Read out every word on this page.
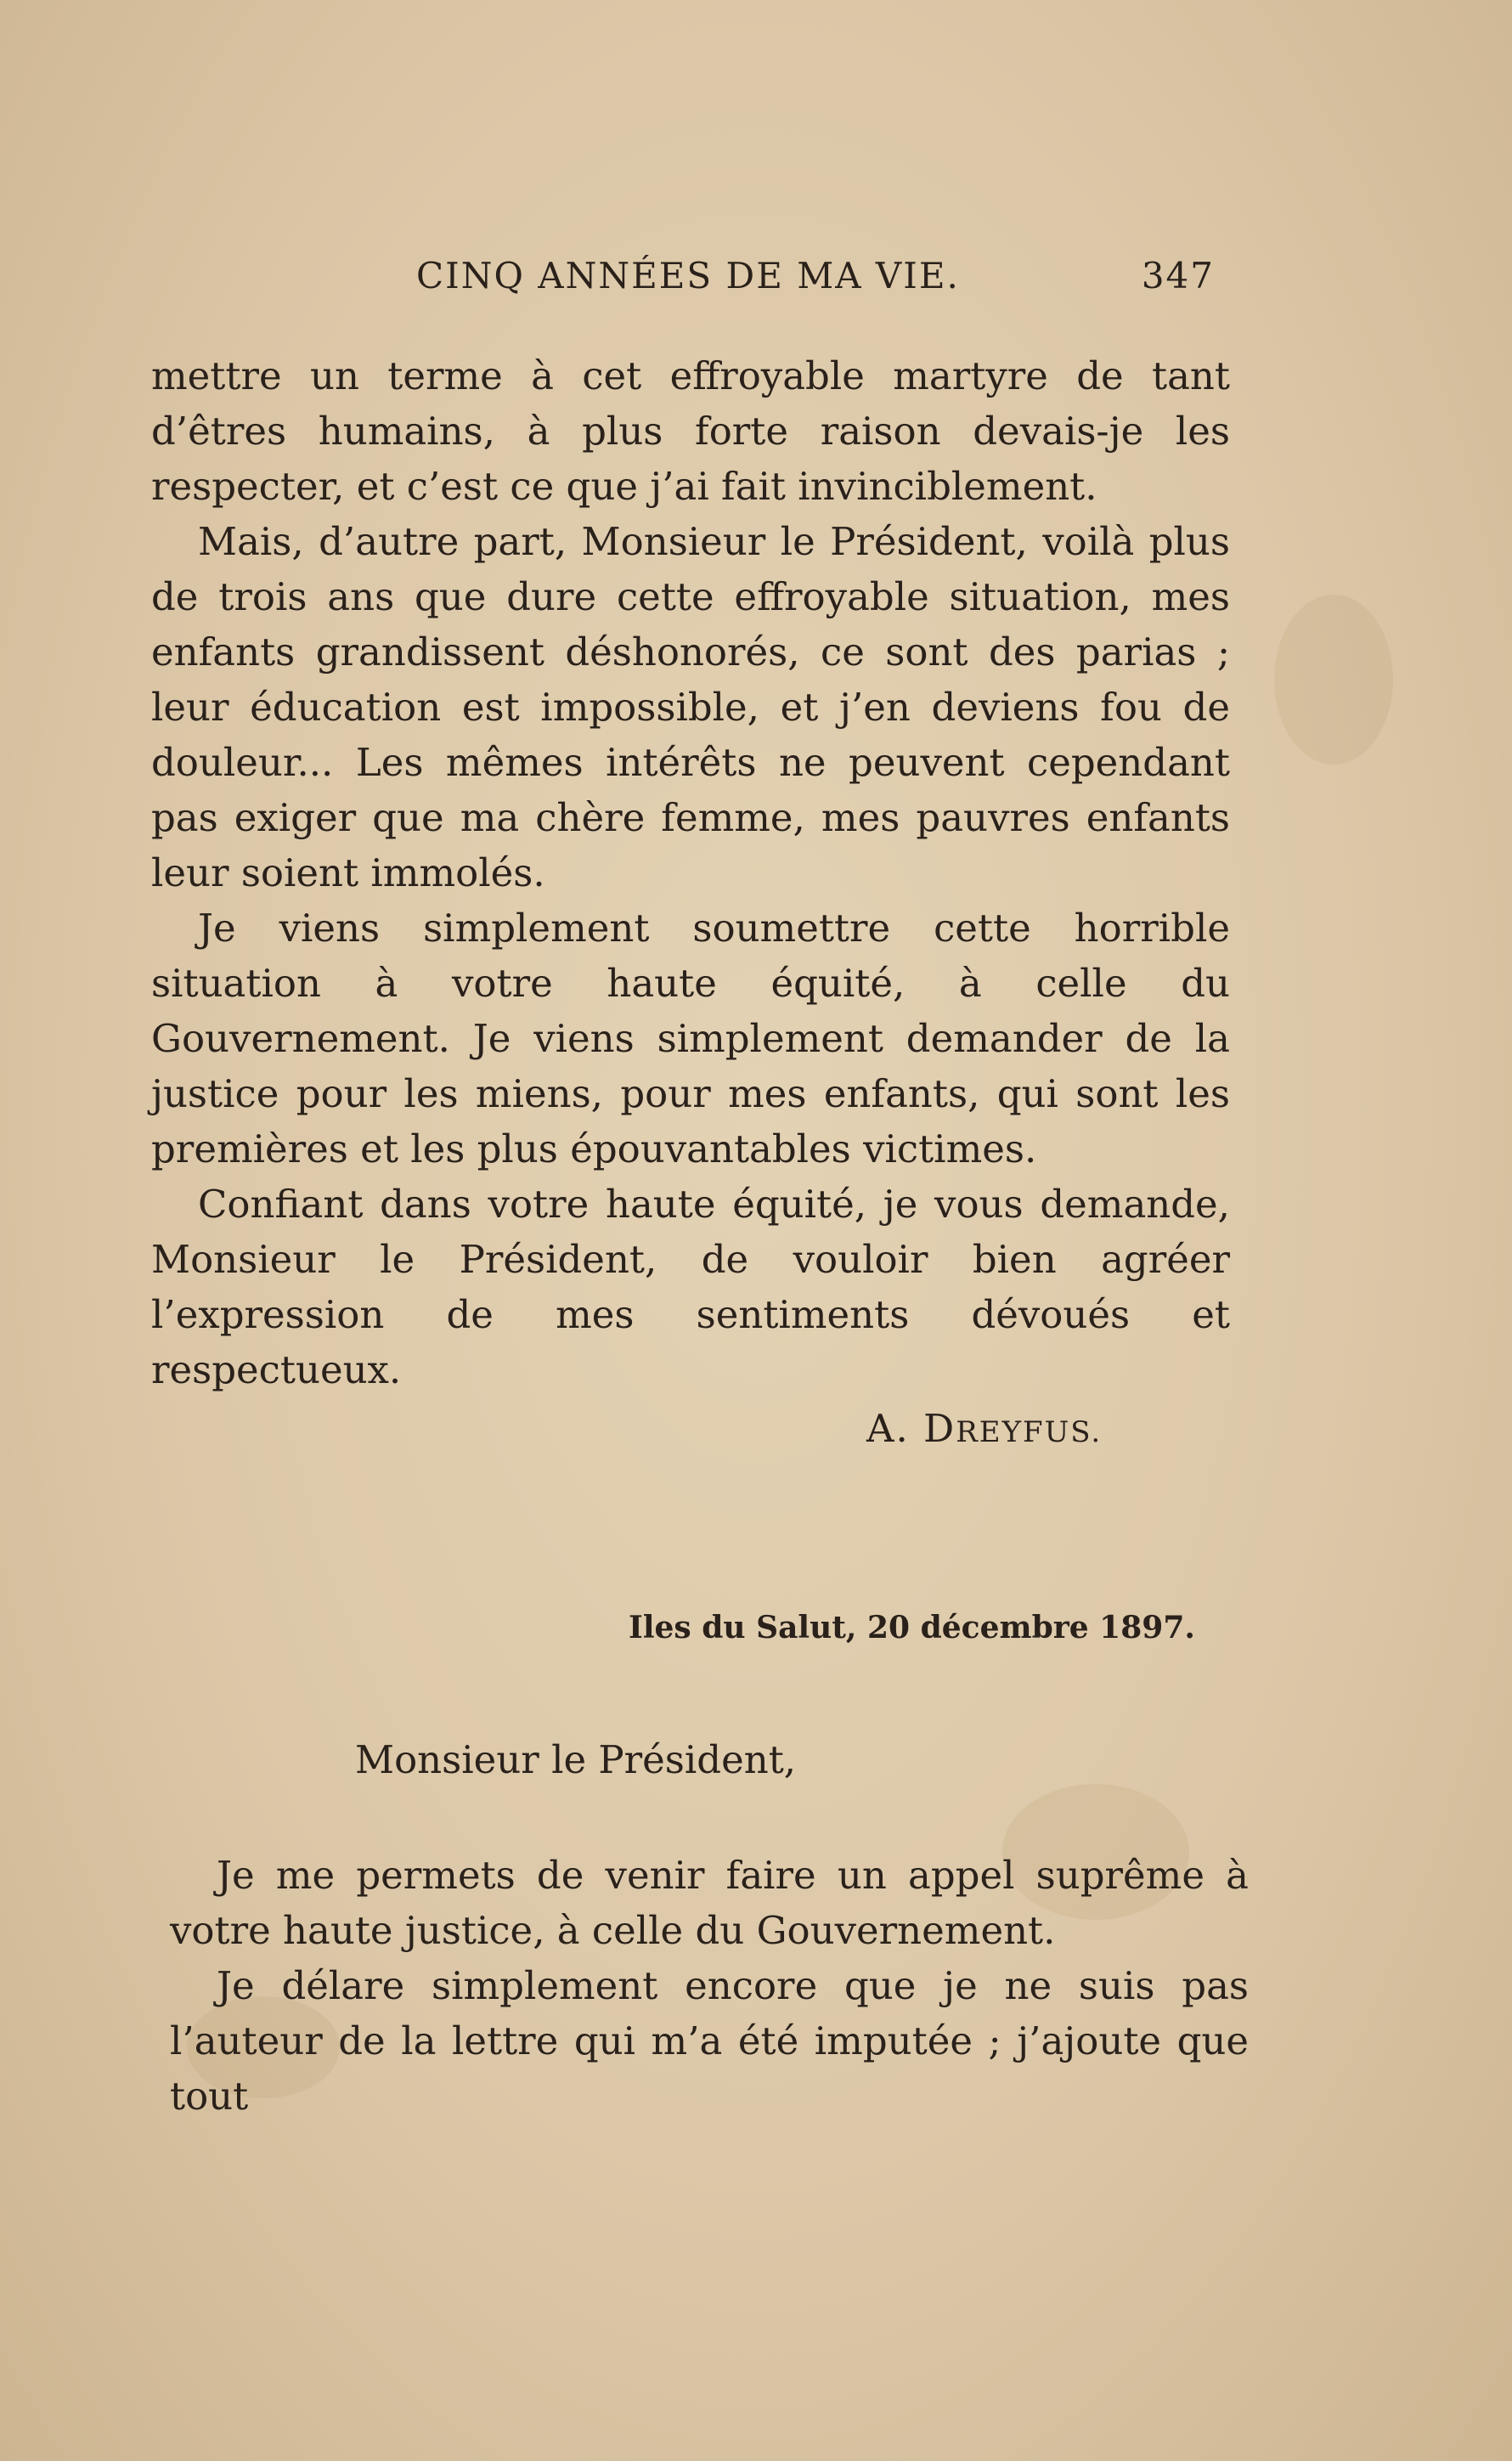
CINQ ANNÉES DE MA VIE.	347

mettre un terme à cet effroyable martyre de tant d’êtres humains, à plus forte raison devais-je les respecter, et c’est ce que j’ai fait invinciblement.

Mais, d’autre part, Monsieur le Président, voilà plus de trois ans que dure cette effroyable situation, mes enfants grandissent déshonorés, ce sont des parias ; leur éducation est impossible, et j’en deviens fou de douleur... Les mêmes intérêts ne peuvent cependant pas exiger que ma chère femme, mes pauvres enfants leur soient immolés.

Je viens simplement soumettre cette horrible situation à votre haute équité, à celle du Gouvernement. Je viens simplement demander de la justice pour les miens, pour mes enfants, qui sont les premières et les plus épouvantables victimes.

Confiant dans votre haute équité, je vous demande, Monsieur le Président, de vouloir bien agréer l’expression de mes sentiments dévoués et respectueux.

A. DREYFUS.
Iles du Salut, 20 décembre 1897.
Monsieur le Président,

Je me permets de venir faire un appel suprême à votre haute justice, à celle du Gouvernement.

Je délare simplement encore que je ne suis pas l’auteur de la lettre qui m’a été imputée ; j’ajoute que tout
